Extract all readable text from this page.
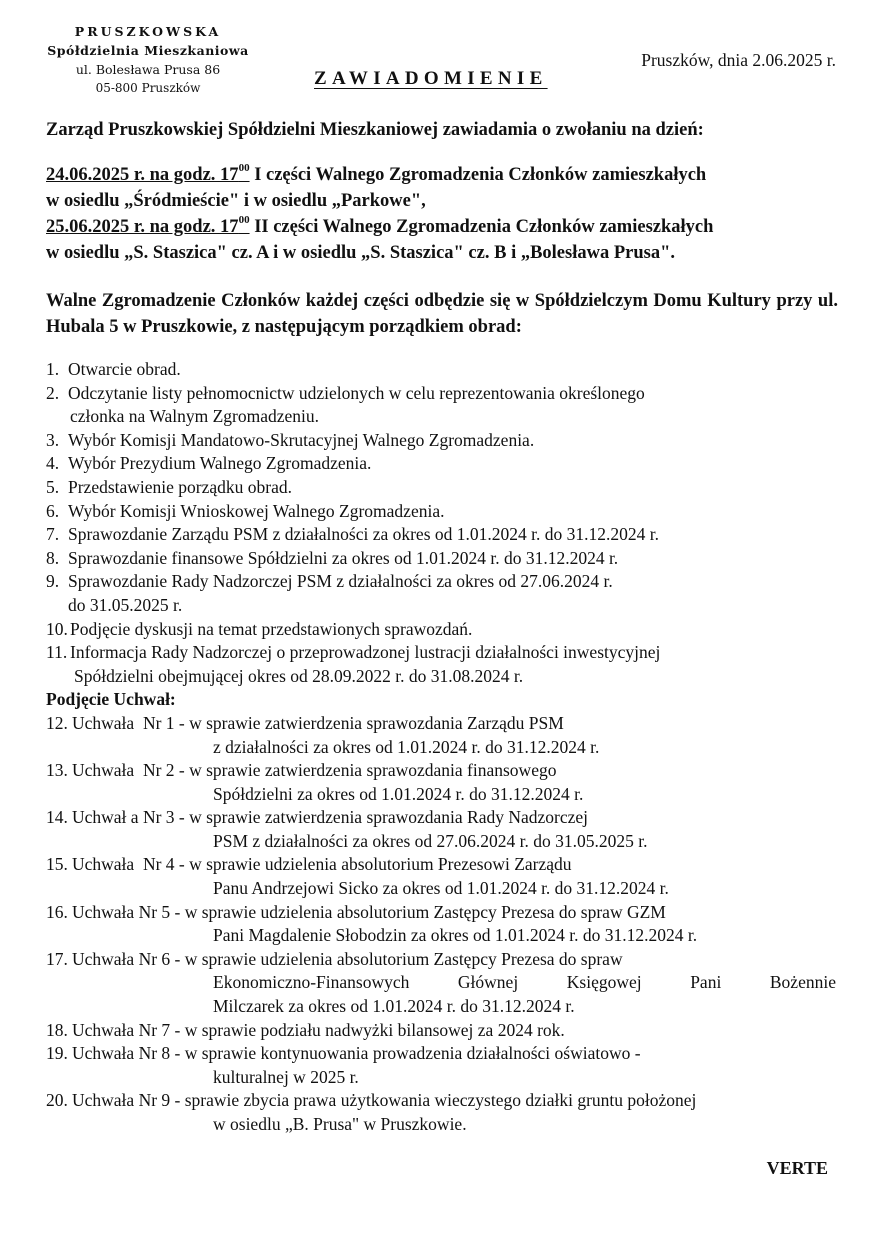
PRUSZKOWSKA
Spółdzielnia Mieszkaniowa
ul. Bolesława Prusa 86
05-800 Pruszków	ZAWIADOMIENIE
Pruszków, dnia 2.06.2025 r.
Zarząd Pruszkowskiej Spółdzielni Mieszkaniowej zawiadamia o zwołaniu na dzień:
24.06.2025 r. na godz. $17^{00}$ I części Walnego Zgromadzenia Członków zamieszkałych
w osiedlu „Śródmieście" i w osiedlu „Parkowe",
25.06.2025 r. na godz. $17^{00}$ II części Walnego Zgromadzenia Członków zamieszkałych
w osiedlu „S. Staszica" cz. A i w osiedlu „S. Staszica" cz. B i „Bolesława Prusa".
Walne Zgromadzenie Członków każdej części odbędzie się w Spółdzielczym Domu Kultury przy ul. Hubala 5 w Pruszkowie, z następującym porządkiem obrad:
1. Otwarcie obrad.
2. Odczytanie listy pełnomocnictw udzielonych w celu reprezentowania określonego
członka na Walnym Zgromadzeniu.
3. Wybór Komisji Mandatowo-Skrutacyjnej Walnego Zgromadzenia.
4. Wybór Prezydium Walnego Zgromadzenia.
5. Przedstawienie porządku obrad.
6. Wybór Komisji Wnioskowej Walnego Zgromadzenia.
7. Sprawozdanie Zarządu PSM z działalności za okres od 1.01.2024 r. do 31.12.2024 r.
8. Sprawozdanie finansowe Spółdzielni za okres od 1.01.2024 r. do 31.12.2024 r.
9. Sprawozdanie Rady Nadzorczej PSM z działalności za okres od 27.06.2024 r.
do 31.05.2025 r.
10. Podjęcie dyskusji na temat przedstawionych sprawozdań.
11. Informacja Rady Nadzorczej o przeprowadzonej lustracji działalności inwestycyjnej
Spółdzielni obejmującej okres od 28.09.2022 r. do 31.08.2024 r.
Podjęcie Uchwał:
12. Uchwała  Nr 1 - w sprawie zatwierdzenia sprawozdania Zarządu PSM
z działalności za okres od 1.01.2024 r. do 31.12.2024 r.
13. Uchwała  Nr 2 - w sprawie zatwierdzenia sprawozdania finansowego
Spółdzielni za okres od 1.01.2024 r. do 31.12.2024 r.
14. Uchwał a Nr 3 - w sprawie zatwierdzenia sprawozdania Rady Nadzorczej
PSM z działalności za okres od 27.06.2024 r. do 31.05.2025 r.
15. Uchwała  Nr 4 - w sprawie udzielenia absolutorium Prezesowi Zarządu
Panu Andrzejowi Sicko za okres od 1.01.2024 r. do 31.12.2024 r.
16. Uchwała Nr 5 - w sprawie udzielenia absolutorium Zastępcy Prezesa do spraw GZM
Pani Magdalenie Słobodzin za okres od 1.01.2024 r. do 31.12.2024 r.
17. Uchwała Nr 6 - w sprawie udzielenia absolutorium Zastępcy Prezesa do spraw
Ekonomiczno-Finansowych	Głównej	Księgowej	Pani	Bożennie
Milczarek za okres od 1.01.2024 r. do 31.12.2024 r.
18. Uchwała Nr 7 - w sprawie podziału nadwyżki bilansowej za 2024 rok.
19. Uchwała Nr 8 - w sprawie kontynuowania prowadzenia działalności oświatowo -
kulturalnej w 2025 r.
20. Uchwała Nr 9 - sprawie zbycia prawa użytkowania wieczystego działki gruntu położonej
w osiedlu „B. Prusa" w Pruszkowie.
VERTE
